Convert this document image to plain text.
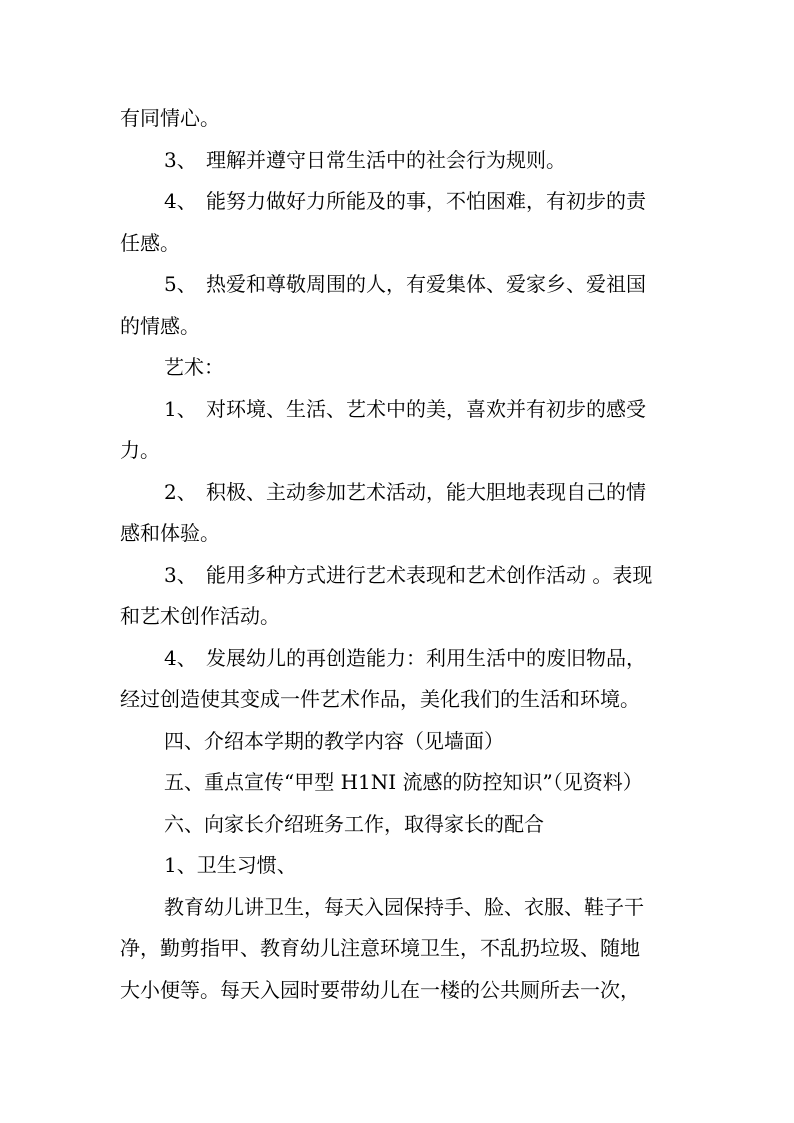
有同情心。
3、 理解并遵守日常生活中的社会行为规则。
4、 能努力做好力所能及的事，不怕困难，有初步的责
任感。
5、 热爱和尊敬周围的人，有爱集体、爱家乡、爱祖国
的情感。
艺术：
1、 对环境、生活、艺术中的美，喜欢并有初步的感受
力。
2、 积极、主动参加艺术活动，能大胆地表现自己的情
感和体验。
3、 能用多种方式进行艺术表现和艺术创作活动 。表现
和艺术创作活动。
4、 发展幼儿的再创造能力：利用生活中的废旧物品，
经过创造使其变成一件艺术作品，美化我们的生活和环境。
四、介绍本学期的教学内容（见墙面）
五、重点宣传“甲型 H1NI 流感的防控知识”（见资料）
六、向家长介绍班务工作，取得家长的配合
1、卫生习惯、
教育幼儿讲卫生，每天入园保持手、脸、衣服、鞋子干
净，勤剪指甲、教育幼儿注意环境卫生，不乱扔垃圾、随地
大小便等。每天入园时要带幼儿在一楼的公共厕所去一次，
